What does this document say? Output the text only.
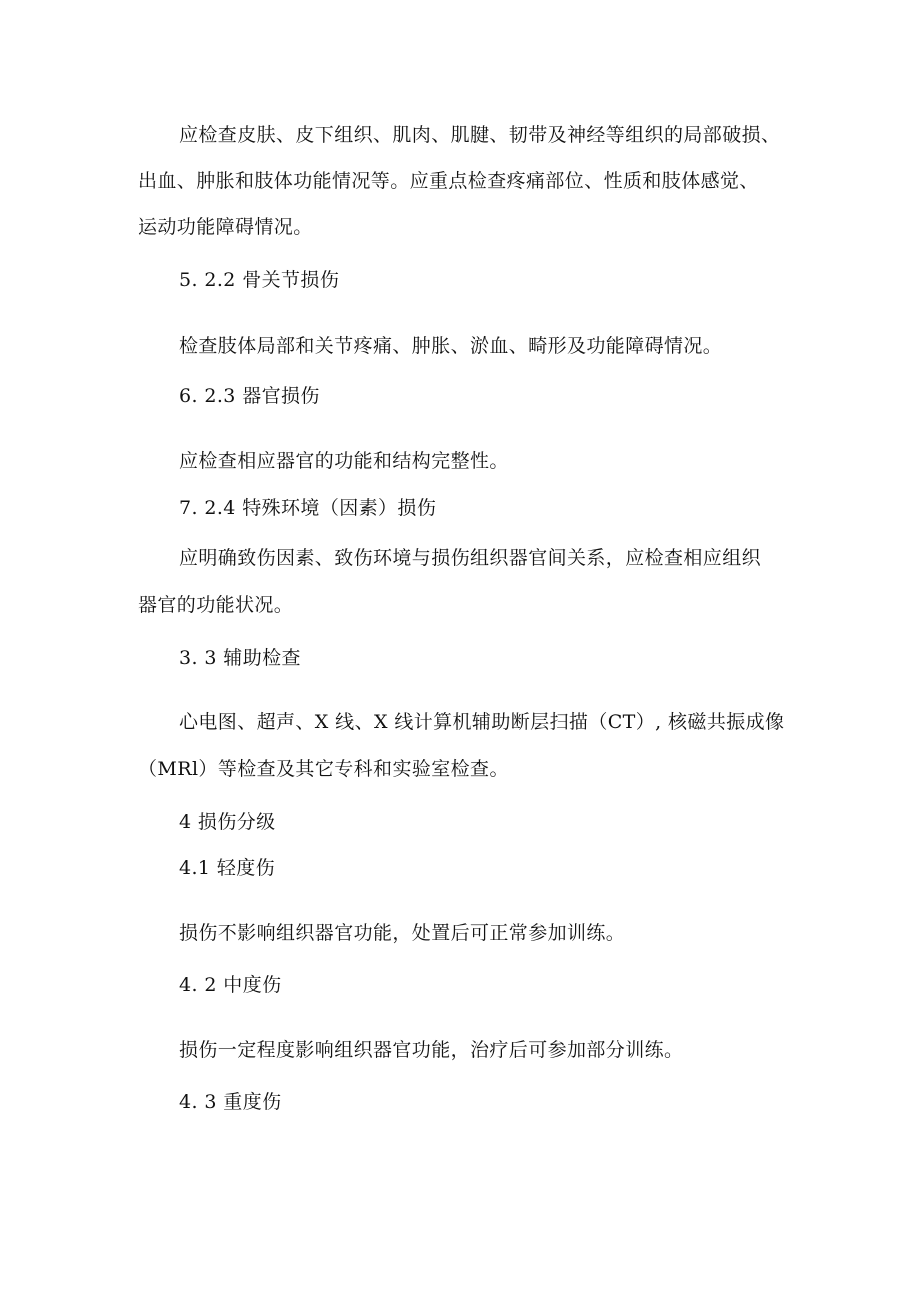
应检查皮肤、皮下组织、肌肉、肌腱、韧带及神经等组织的局部破损、
出血、肿胀和肢体功能情况等。应重点检查疼痛部位、性质和肢体感觉、
运动功能障碍情况。
5. 2.2 骨关节损伤
检查肢体局部和关节疼痛、肿胀、淤血、畸形及功能障碍情况。
6. 2.3 器官损伤
应检查相应器官的功能和结构完整性。
7. 2.4 特殊环境（因素）损伤
应明确致伤因素、致伤环境与损伤组织器官间关系，应检查相应组织
器官的功能状况。
3. 3 辅助检查
心电图、超声、X 线、X 线计算机辅助断层扫描（CT）, 核磁共振成像
（MRl）等检查及其它专科和实验室检查。
4 损伤分级
4.1 轻度伤
损伤不影响组织器官功能，处置后可正常参加训练。
4. 2 中度伤
损伤一定程度影响组织器官功能，治疗后可参加部分训练。
4. 3 重度伤
